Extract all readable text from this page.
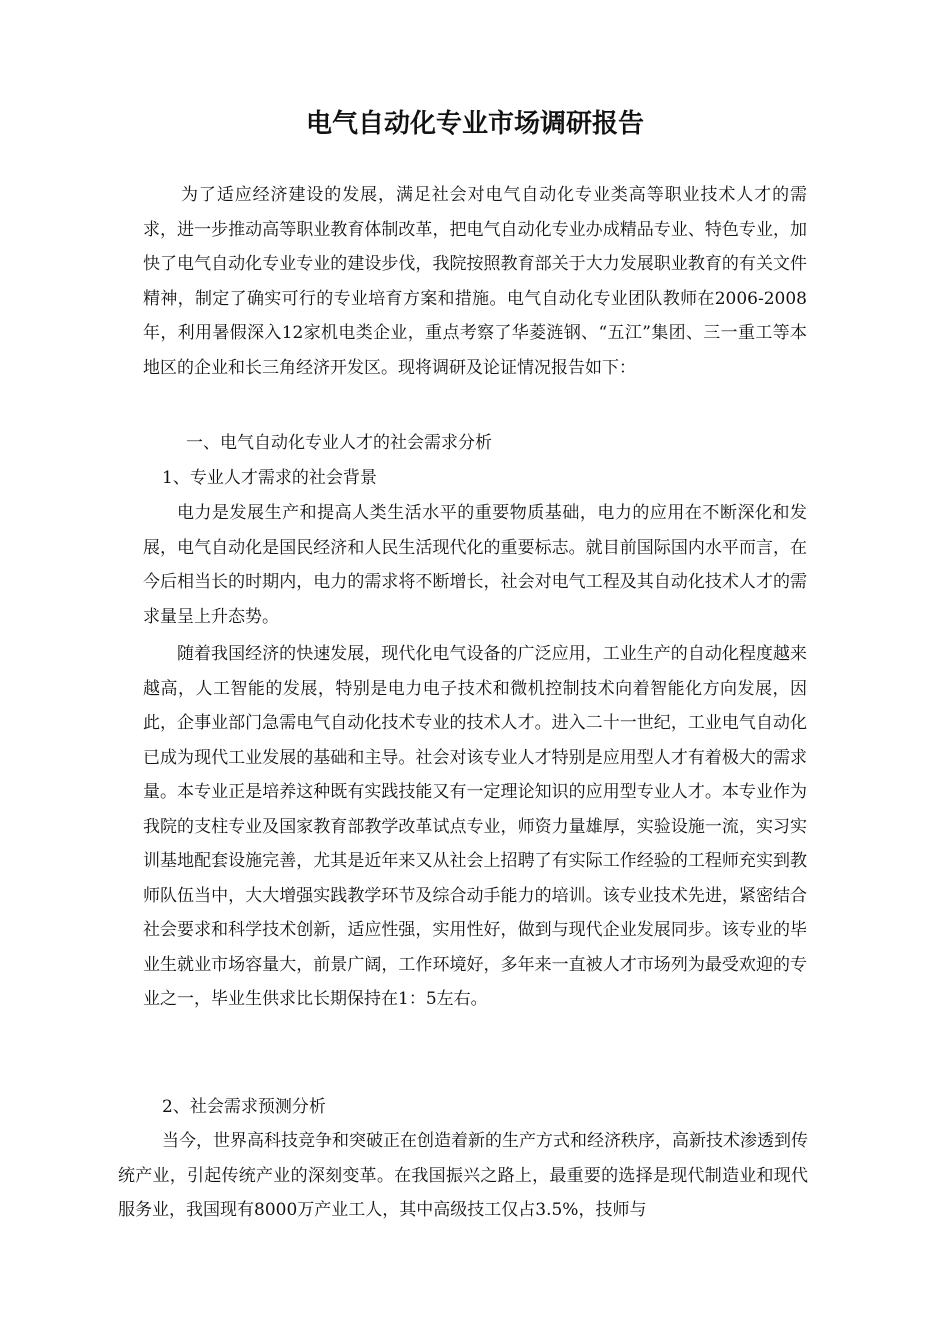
电气自动化专业市场调研报告

为了适应经济建设的发展，满足社会对电气自动化专业类高等职业技术人才的需求，进一步推动高等职业教育体制改革，把电气自动化专业办成精品专业、特色专业，加快了电气自动化专业专业的建设步伐，我院按照教育部关于大力发展职业教育的有关文件精神，制定了确实可行的专业培育方案和措施。电气自动化专业团队教师在2006-2008年，利用暑假深入12家机电类企业，重点考察了华菱涟钢、“五江”集团、三一重工等本地区的企业和长三角经济开发区。现将调研及论证情况报告如下：

一、电气自动化专业人才的社会需求分析
1、专业人才需求的社会背景

电力是发展生产和提高人类生活水平的重要物质基础，电力的应用在不断深化和发展，电气自动化是国民经济和人民生活现代化的重要标志。就目前国际国内水平而言，在今后相当长的时期内，电力的需求将不断增长，社会对电气工程及其自动化技术人才的需求量呈上升态势。

随着我国经济的快速发展，现代化电气设备的广泛应用，工业生产的自动化程度越来越高，人工智能的发展，特别是电力电子技术和微机控制技术向着智能化方向发展，因此，企事业部门急需电气自动化技术专业的技术人才。进入二十一世纪，工业电气自动化已成为现代工业发展的基础和主导。社会对该专业人才特别是应用型人才有着极大的需求量。本专业正是培养这种既有实践技能又有一定理论知识的应用型专业人才。本专业作为我院的支柱专业及国家教育部教学改革试点专业，师资力量雄厚，实验设施一流，实习实训基地配套设施完善，尤其是近年来又从社会上招聘了有实际工作经验的工程师充实到教师队伍当中，大大增强实践教学环节及综合动手能力的培训。该专业技术先进，紧密结合社会要求和科学技术创新，适应性强，实用性好，做到与现代企业发展同步。该专业的毕业生就业市场容量大，前景广阔，工作环境好，多年来一直被人才市场列为最受欢迎的专业之一，毕业生供求比长期保持在1：5左右。

2、社会需求预测分析

当今，世界高科技竞争和突破正在创造着新的生产方式和经济秩序，高新技术渗透到传统产业，引起传统产业的深刻变革。在我国振兴之路上，最重要的选择是现代制造业和现代服务业，我国现有8000万产业工人，其中高级技工仅占3.5%，技师与
